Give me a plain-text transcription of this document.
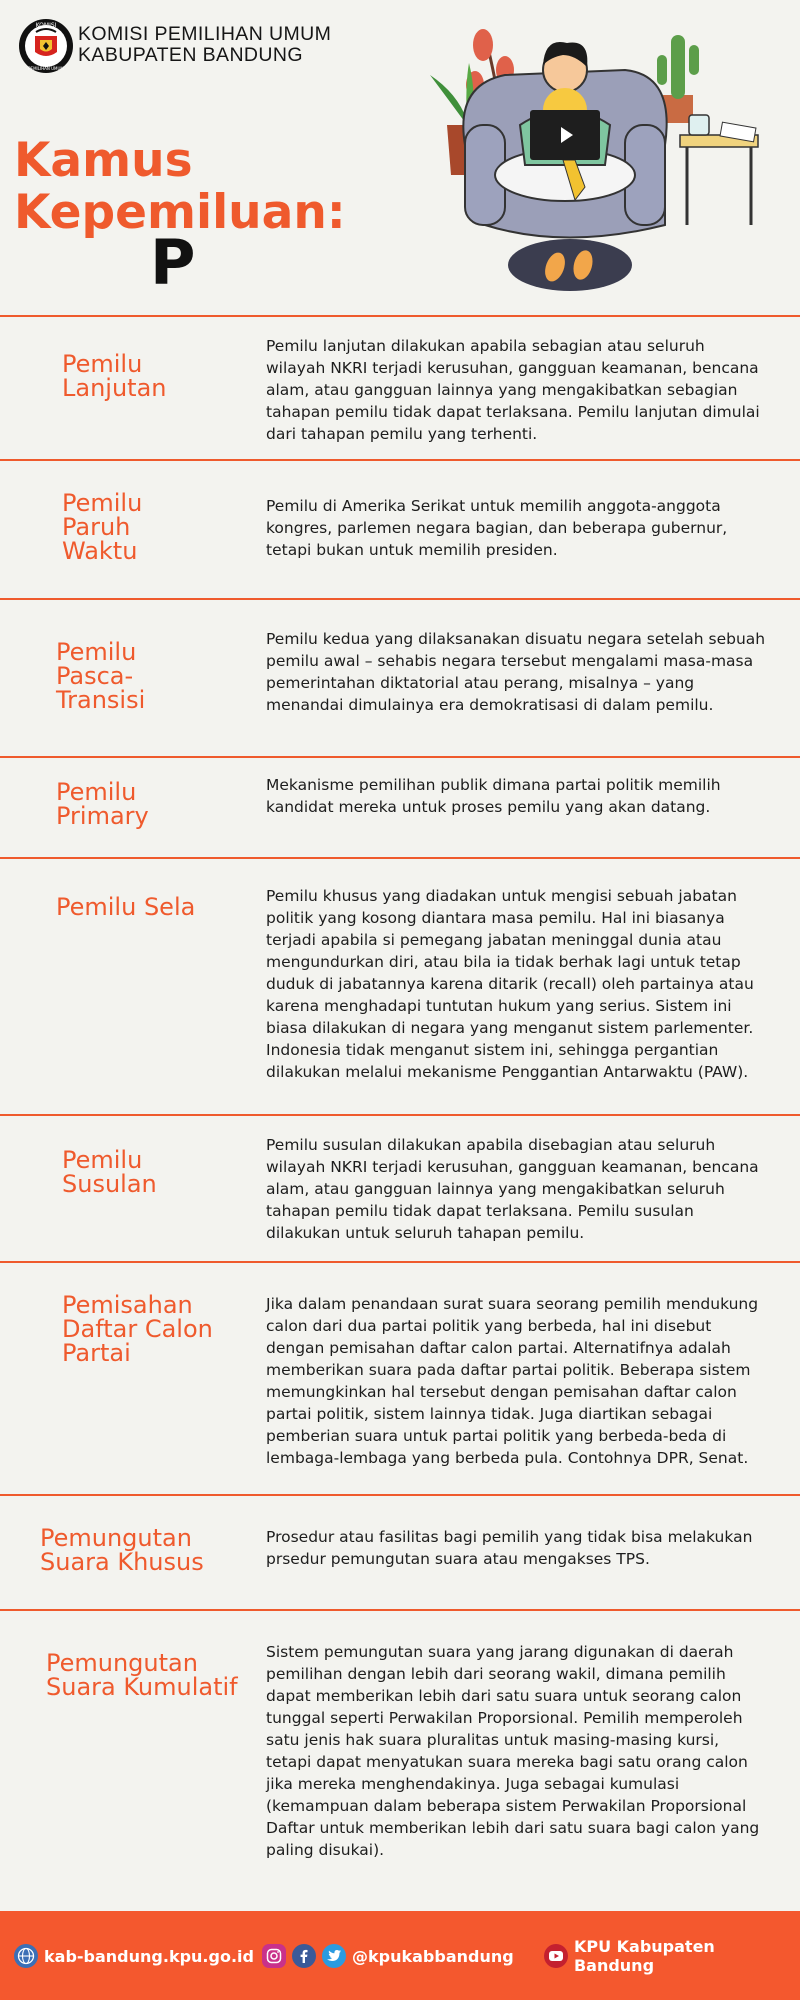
KOMISI
PEMILIHAN UMUM
KOMISI PEMILIHAN UMUM
KABUPATEN BANDUNG
Kamus
Kepemiluan:
P
Pemilu Lanjutan
Pemilu lanjutan dilakukan apabila sebagian atau seluruh wilayah NKRI terjadi kerusuhan, gangguan keamanan, bencana alam, atau gangguan lainnya yang mengakibatkan sebagian tahapan pemilu tidak dapat terlaksana. Pemilu lanjutan dimulai dari tahapan pemilu yang terhenti.
Pemilu Paruh Waktu
Pemilu di Amerika Serikat untuk memilih anggota-anggota kongres, parlemen negara bagian, dan beberapa gubernur, tetapi bukan untuk memilih presiden.
Pemilu Pasca-Transisi
Pemilu kedua yang dilaksanakan disuatu negara setelah sebuah pemilu awal – sehabis negara tersebut mengalami masa-masa pemerintahan diktatorial atau perang, misalnya – yang menandai dimulainya era demokratisasi di dalam pemilu.
Pemilu Primary
Mekanisme pemilihan publik dimana partai politik memilih kandidat mereka untuk proses pemilu yang akan datang.
Pemilu Sela	Pemilu khusus yang diadakan untuk mengisi sebuah jabatan politik yang kosong diantara masa pemilu. Hal ini biasanya terjadi apabila si pemegang jabatan meninggal dunia atau mengundurkan diri, atau bila ia tidak berhak lagi untuk tetap duduk di jabatannya karena ditarik (recall) oleh partainya atau karena menghadapi tuntutan hukum yang serius. Sistem ini biasa dilakukan di negara yang menganut sistem parlementer. Indonesia tidak menganut sistem ini, sehingga pergantian dilakukan melalui mekanisme Penggantian Antarwaktu (PAW).
Pemilu Susulan
Pemilu susulan dilakukan apabila disebagian atau seluruh wilayah NKRI terjadi kerusuhan, gangguan keamanan, bencana alam, atau gangguan lainnya yang mengakibatkan seluruh tahapan pemilu tidak dapat terlaksana. Pemilu susulan dilakukan untuk seluruh tahapan pemilu.
Pemisahan Daftar Calon Partai
Jika dalam penandaan surat suara seorang pemilih mendukung calon dari dua partai politik yang berbeda, hal ini disebut dengan pemisahan daftar calon partai. Alternatifnya adalah memberikan suara pada daftar partai politik. Beberapa sistem memungkinkan hal tersebut dengan pemisahan daftar calon partai politik, sistem lainnya tidak. Juga diartikan sebagai pemberian suara untuk partai politik yang berbeda-beda di lembaga-lembaga yang berbeda pula. Contohnya DPR, Senat.
Pemungutan Suara Khusus
Prosedur atau fasilitas bagi pemilih yang tidak bisa melakukan prsedur pemungutan suara atau mengakses TPS.
Pemungutan Suara Kumulatif
Sistem pemungutan suara yang jarang digunakan di daerah pemilihan dengan lebih dari seorang wakil, dimana pemilih dapat memberikan lebih dari satu suara untuk seorang calon tunggal seperti Perwakilan Proporsional. Pemilih memperoleh satu jenis hak suara pluralitas untuk masing-masing kursi, tetapi dapat menyatukan suara mereka bagi satu orang calon jika mereka menghendakinya. Juga sebagai kumulasi (kemampuan dalam beberapa sistem Perwakilan Proporsional Daftar untuk memberikan lebih dari satu suara bagi calon yang paling disukai).
kab-bandung.kpu.go.id	@kpukabbandung	KPU Kabupaten Bandung
